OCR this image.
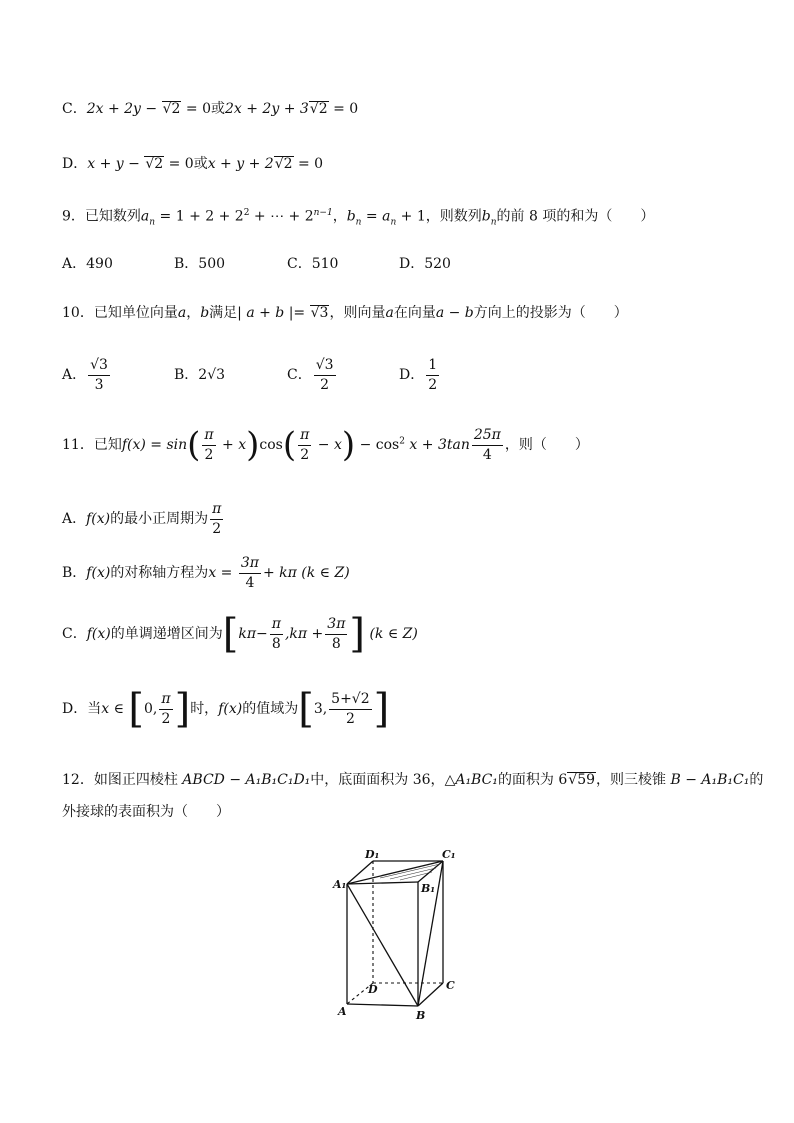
C．2x + 2y − √ 2 = 0或2x + 2y + 3 √ 2 = 0
D．x + y − √ 2 = 0或x + y + 2 √ 2 = 0
9．已知数列$a_n = 1 + 2 + 2^2$ + ⋯ + $2^{n-1}$，$b_n = a_n + 1$，则数列$b_n$的前 8 项的和为（　　）
A．490	B．500	C．510	D．520
10．已知单位向量a，b满足| a + b |= √ 3，则向量a在向量a − b方向上的投影为（　　）
A． $\frac{√3}{3}$	B．2√3	C． $\frac{√3}{2}$	D． $\frac{1}{2}$
11．已知$f(x) = \sin( \frac{\pi}{2} + x)\cos( \frac{\pi}{2} - x) - \cos^2 x + 3\tan \frac{25\pi}{4}$ ，则（　　）
A．f(x)的最小正周期为 $\frac{\pi}{2}$
B．f(x)的对称轴方程为$x = \frac{3\pi}{4} + k\pi$ (k ∈ Z)
C．f(x)的单调递增区间为[$k\pi- \frac{\pi}{8} ,k\pi + \frac{3\pi}{8}$ ] (k ∈ Z)
D．当x ∈ [0, $\frac{\pi}{2}$ ]时，f(x)的值域为[3, $\frac{5+√2}{2}$ ]
12．如图正四棱柱 ABCD − A₁B₁C₁D₁中，底面面积为 36，△A₁BC₁的面积为 6 √ 59，则三棱锥 B − A₁B₁C₁的
外接球的表面积为（　　）
D₁	C₁
A₁	B₁
D	C
A	B
